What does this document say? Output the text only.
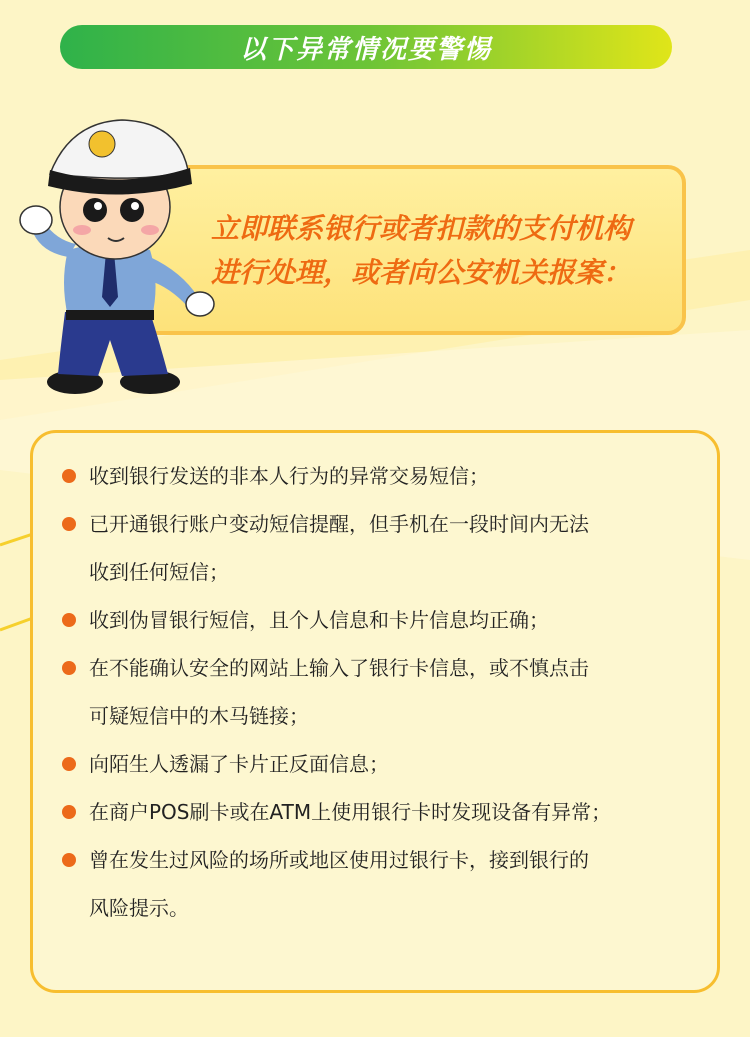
以下异常情况要警惕
立即联系银行或者扣款的支付机构
进行处理，或者向公安机关报案：
收到银行发送的非本人行为的异常交易短信；
已开通银行账户变动短信提醒，但手机在一段时间内无法
收到任何短信；
收到伪冒银行短信，且个人信息和卡片信息均正确；
在不能确认安全的网站上输入了银行卡信息，或不慎点击
可疑短信中的木马链接；
向陌生人透漏了卡片正反面信息；
在商户POS刷卡或在ATM上使用银行卡时发现设备有异常；
曾在发生过风险的场所或地区使用过银行卡，接到银行的
风险提示。
